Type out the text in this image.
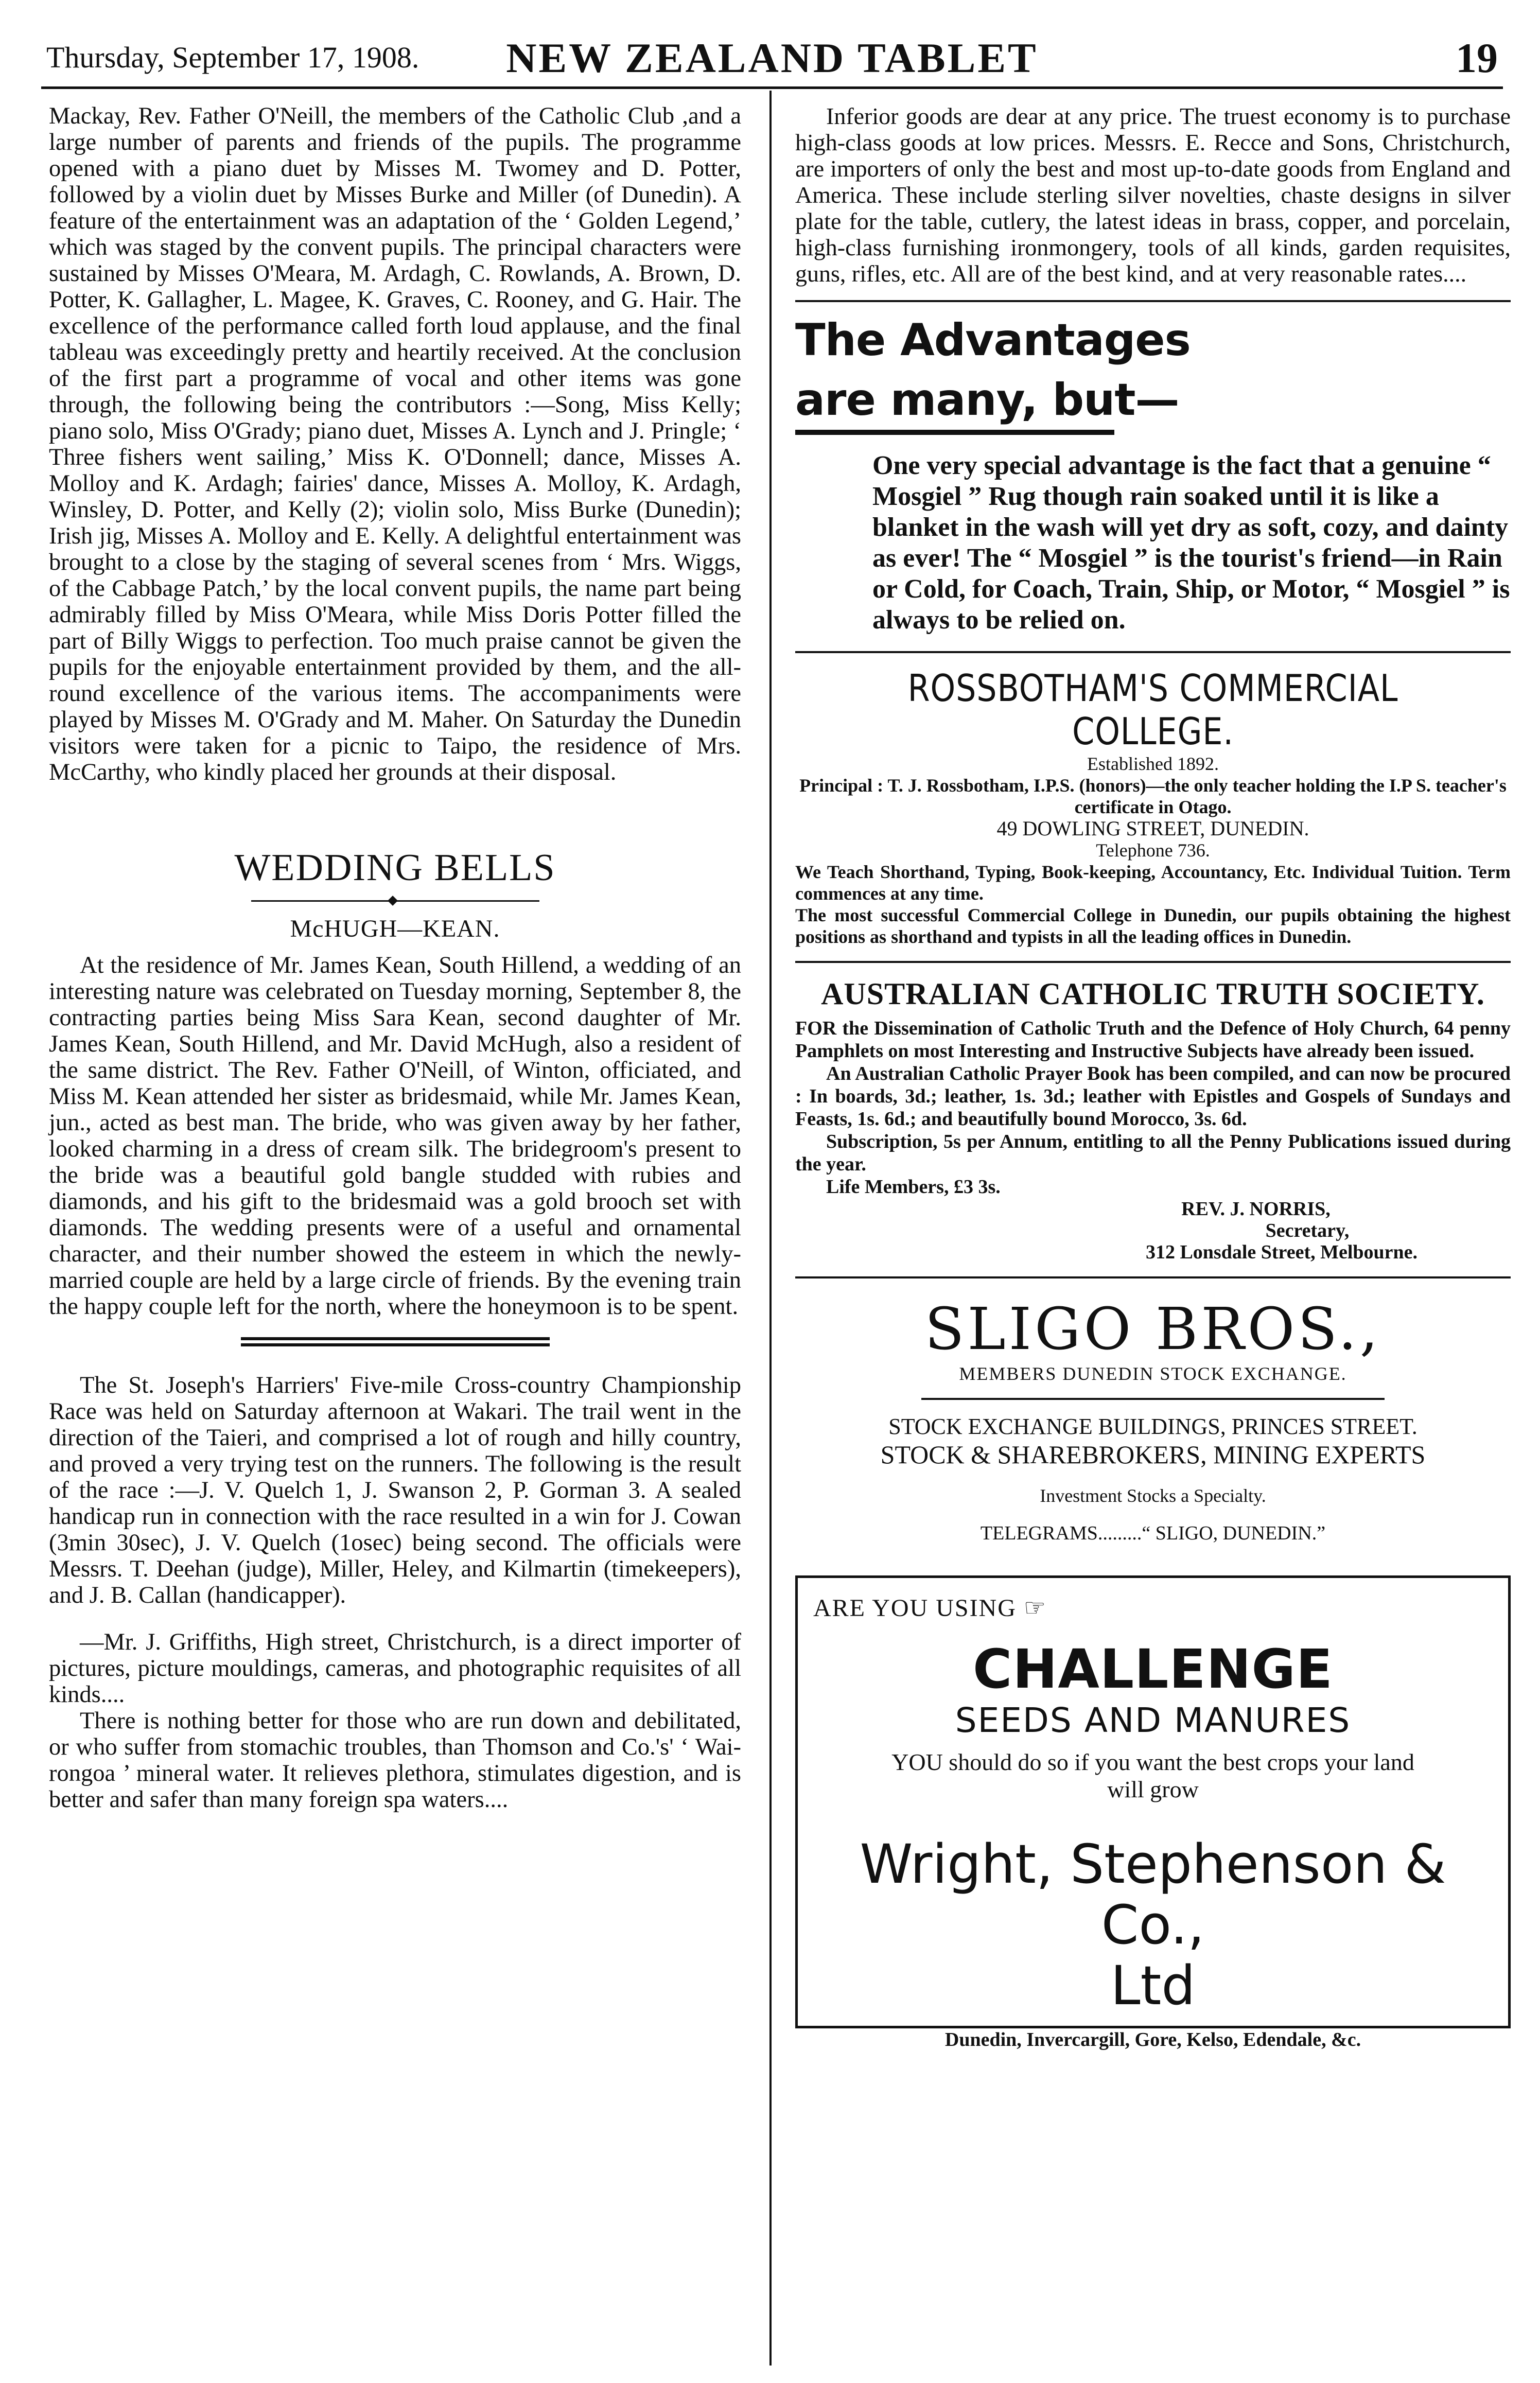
Thursday, September 17, 1908.	NEW ZEALAND TABLET	19

Mackay, Rev. Father O'Neill, the members of the Catholic Club ,and a large number of parents and friends of the pupils. The programme opened with a piano duet by Misses M. Twomey and D. Potter, followed by a violin duet by Misses Burke and Miller (of Dunedin). A feature of the entertainment was an adaptation of the ‘ Golden Legend,’ which was staged by the convent pupils. The principal characters were sustained by Misses O'Meara, M. Ardagh, C. Rowlands, A. Brown, D. Potter, K. Gallagher, L. Magee, K. Graves, C. Rooney, and G. Hair. The excellence of the performance called forth loud applause, and the final tableau was exceedingly pretty and heartily received. At the conclusion of the first part a programme of vocal and other items was gone through, the following being the contributors :—Song, Miss Kelly; piano solo, Miss O'Grady; piano duet, Misses A. Lynch and J. Pringle; ‘ Three fishers went sailing,’ Miss K. O'Donnell; dance, Misses A. Molloy and K. Ardagh; fairies' dance, Misses A. Molloy, K. Ardagh, Winsley, D. Potter, and Kelly (2); violin solo, Miss Burke (Dunedin); Irish jig, Misses A. Molloy and E. Kelly. A delightful entertainment was brought to a close by the staging of several scenes from ‘ Mrs. Wiggs, of the Cabbage Patch,’ by the local convent pupils, the name part being admirably filled by Miss O'Meara, while Miss Doris Potter filled the part of Billy Wiggs to perfection. Too much praise cannot be given the pupils for the enjoyable entertainment provided by them, and the all-round excellence of the various items. The accompaniments were played by Misses M. O'Grady and M. Maher. On Saturday the Dunedin visitors were taken for a picnic to Taipo, the residence of Mrs. McCarthy, who kindly placed her grounds at their disposal.

WEDDING BELLS
McHUGH—KEAN.

At the residence of Mr. James Kean, South Hillend, a wedding of an interesting nature was celebrated on Tuesday morning, September 8, the contracting parties being Miss Sara Kean, second daughter of Mr. James Kean, South Hillend, and Mr. David McHugh, also a resident of the same district. The Rev. Father O'Neill, of Winton, officiated, and Miss M. Kean attended her sister as bridesmaid, while Mr. James Kean, jun., acted as best man. The bride, who was given away by her father, looked charming in a dress of cream silk. The bridegroom's present to the bride was a beautiful gold bangle studded with rubies and diamonds, and his gift to the bridesmaid was a gold brooch set with diamonds. The wedding presents were of a useful and ornamental character, and their number showed the esteem in which the newly-married couple are held by a large circle of friends. By the evening train the happy couple left for the north, where the honeymoon is to be spent.

The St. Joseph's Harriers' Five-mile Cross-country Championship Race was held on Saturday afternoon at Wakari. The trail went in the direction of the Taieri, and comprised a lot of rough and hilly country, and proved a very trying test on the runners. The following is the result of the race :—J. V. Quelch 1, J. Swanson 2, P. Gorman 3. A sealed handicap run in connection with the race resulted in a win for J. Cowan (3min 30sec), J. V. Quelch (1osec) being second. The officials were Messrs. T. Deehan (judge), Miller, Heley, and Kilmartin (timekeepers), and J. B. Callan (handicapper).

—Mr. J. Griffiths, High street, Christchurch, is a direct importer of pictures, picture mouldings, cameras, and photographic requisites of all kinds....

There is nothing better for those who are run down and debilitated, or who suffer from stomachic troubles, than Thomson and Co.'s' ‘ Wai-rongoa ’ mineral water. It relieves plethora, stimulates digestion, and is better and safer than many foreign spa waters....

Inferior goods are dear at any price. The truest economy is to purchase high-class goods at low prices. Messrs. E. Recce and Sons, Christchurch, are importers of only the best and most up-to-date goods from England and America. These include sterling silver novelties, chaste designs in silver plate for the table, cutlery, the latest ideas in brass, copper, and porcelain, high-class furnishing ironmongery, tools of all kinds, garden requisites, guns, rifles, etc. All are of the best kind, and at very reasonable rates....

The Advantages
are many, but—
One very special advantage is the fact that a genuine “ Mosgiel ” Rug though rain soaked until it is like a blanket in the wash will yet dry as soft, cozy, and dainty as ever! The “ Mosgiel ” is the tourist's friend—in Rain or Cold, for Coach, Train, Ship, or Motor, “ Mosgiel ” is always to be relied on.
ROSSBOTHAM'S COMMERCIAL COLLEGE.
Established 1892.
Principal : T. J. Rossbotham, I.P.S. (honors)—the only teacher holding the I.P S. teacher's certificate in Otago.
49 DOWLING STREET, DUNEDIN.
Telephone 736.
We Teach Shorthand, Typing, Book-keeping, Accountancy, Etc. Individual Tuition. Term commences at any time.
The most successful Commercial College in Dunedin, our pupils obtaining the highest positions as shorthand and typists in all the leading offices in Dunedin.
AUSTRALIAN CATHOLIC TRUTH SOCIETY.
FOR the Dissemination of Catholic Truth and the Defence of Holy Church, 64 penny Pamphlets on most Interesting and Instructive Subjects have already been issued.
An Australian Catholic Prayer Book has been compiled, and can now be procured : In boards, 3d.; leather, 1s. 3d.; leather with Epistles and Gospels of Sundays and Feasts, 1s. 6d.; and beautifully bound Morocco, 3s. 6d.
Subscription, 5s per Annum, entitling to all the Penny Publications issued during the year.
Life Members, £3 3s.
REV. J. NORRIS,
Secretary,
312 Lonsdale Street, Melbourne.
SLIGO BROS.,
MEMBERS DUNEDIN STOCK EXCHANGE.
STOCK EXCHANGE BUILDINGS, PRINCES STREET.
STOCK & SHAREBROKERS, MINING EXPERTS
Investment Stocks a Specialty.
TELEGRAMS.........“ SLIGO, DUNEDIN.”
ARE YOU USING ☞
CHALLENGE
SEEDS AND MANURES
YOU should do so if you want the best crops your land
will grow
Wright, Stephenson & Co.,
Ltd
Dunedin, Invercargill, Gore, Kelso, Edendale, &c.
